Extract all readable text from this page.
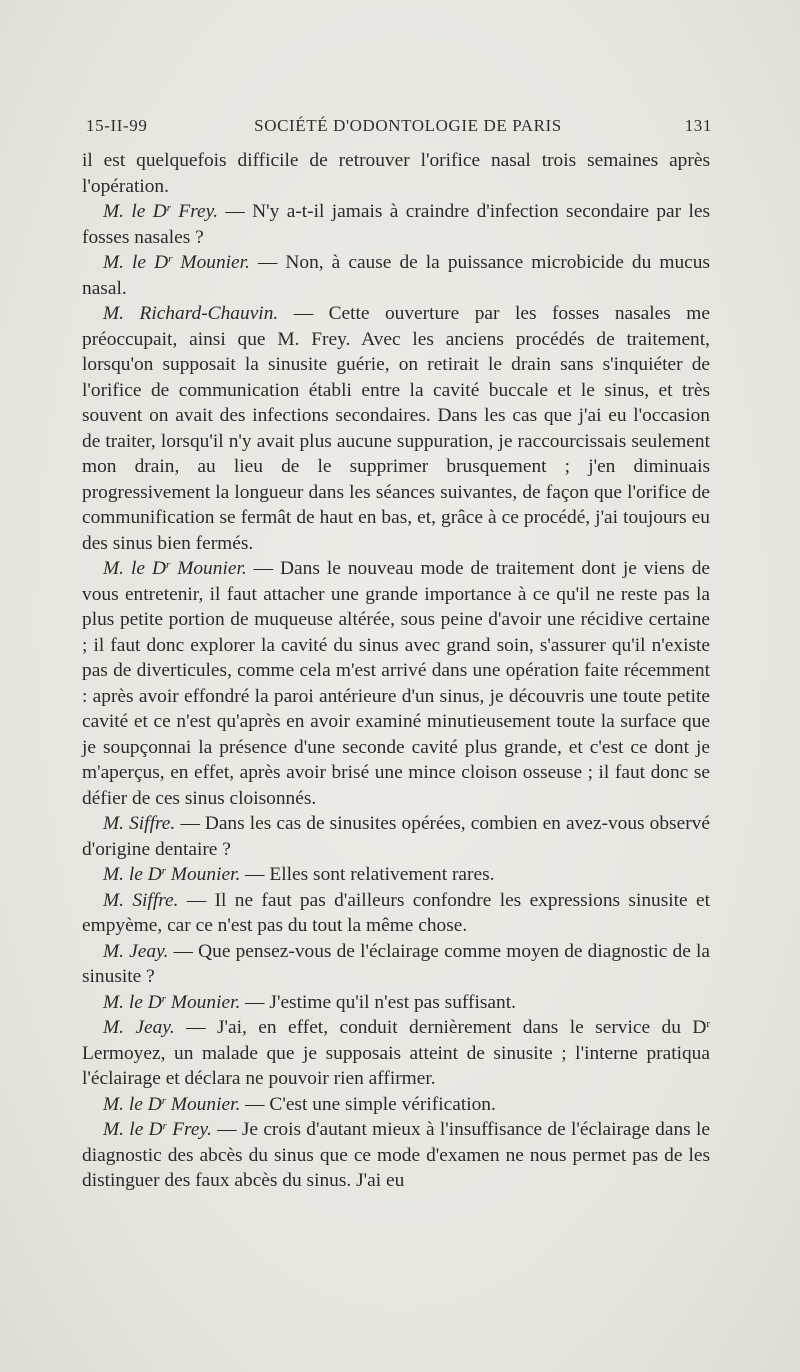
15-II-99	SOCIÉTÉ D'ODONTOLOGIE DE PARIS	131

il est quelquefois difficile de retrouver l'orifice nasal trois semaines après l'opération.

M. le $D^r$ Frey. — N'y a-t-il jamais à craindre d'infection secondaire par les fosses nasales ?

M. le $D^r$ Mounier. — Non, à cause de la puissance microbicide du mucus nasal.

M. Richard-Chauvin. — Cette ouverture par les fosses nasales me préoccupait, ainsi que M. Frey. Avec les anciens procédés de traitement, lorsqu'on supposait la sinusite guérie, on retirait le drain sans s'inquiéter de l'orifice de communication établi entre la cavité buccale et le sinus, et très souvent on avait des infections secondaires. Dans les cas que j'ai eu l'occasion de traiter, lorsqu'il n'y avait plus aucune suppuration, je raccourcissais seulement mon drain, au lieu de le supprimer brusquement ; j'en diminuais progressivement la longueur dans les séances suivantes, de façon que l'orifice de communification se fermât de haut en bas, et, grâce à ce procédé, j'ai toujours eu des sinus bien fermés.

M. le $D^r$ Mounier. — Dans le nouveau mode de traitement dont je viens de vous entretenir, il faut attacher une grande importance à ce qu'il ne reste pas la plus petite portion de muqueuse altérée, sous peine d'avoir une récidive certaine ; il faut donc explorer la cavité du sinus avec grand soin, s'assurer qu'il n'existe pas de diverticules, comme cela m'est arrivé dans une opération faite récemment : après avoir effondré la paroi antérieure d'un sinus, je découvris une toute petite cavité et ce n'est qu'après en avoir examiné minutieusement toute la surface que je soupçonnai la présence d'une seconde cavité plus grande, et c'est ce dont je m'aperçus, en effet, après avoir brisé une mince cloison osseuse ; il faut donc se défier de ces sinus cloisonnés.

M. Siffre. — Dans les cas de sinusites opérées, combien en avez-vous observé d'origine dentaire ?

M. le $D^r$ Mounier. — Elles sont relativement rares.

M. Siffre. — Il ne faut pas d'ailleurs confondre les expressions sinusite et empyème, car ce n'est pas du tout la même chose.

M. Jeay. — Que pensez-vous de l'éclairage comme moyen de diagnostic de la sinusite ?

M. le $D^r$ Mounier. — J'estime qu'il n'est pas suffisant.

M. Jeay. — J'ai, en effet, conduit dernièrement dans le service du $D^r$ Lermoyez, un malade que je supposais atteint de sinusite ; l'interne pratiqua l'éclairage et déclara ne pouvoir rien affirmer.

M. le $D^r$ Mounier. — C'est une simple vérification.

M. le $D^r$ Frey. — Je crois d'autant mieux à l'insuffisance de l'éclairage dans le diagnostic des abcès du sinus que ce mode d'examen ne nous permet pas de les distinguer des faux abcès du sinus. J'ai eu
